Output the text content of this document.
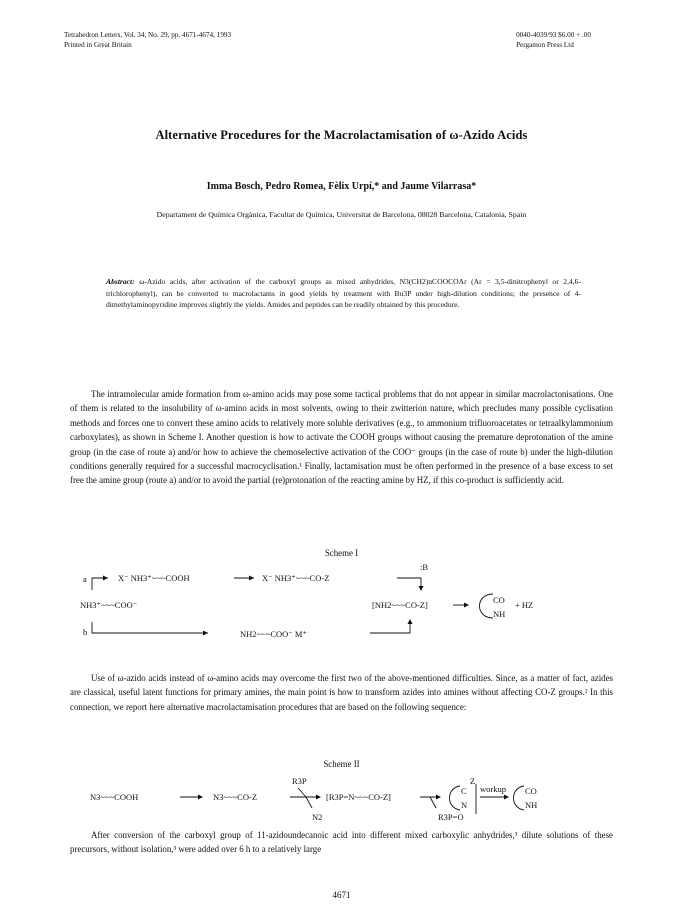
Tetrahedron Letters, Vol. 34, No. 29, pp. 4671-4674, 1993
Printed in Great Britain
0040-4039/93 $6.00 + .00
Pergamon Press Ltd
Alternative Procedures for the Macrolactamisation of ω-Azido Acids
Imma Bosch, Pedro Romea, Fèlix Urpí,* and Jaume Vilarrasa*
Departament de Química Orgànica, Facultat de Química, Universitat de Barcelona, 08028 Barcelona, Catalonia, Spain
Abstract: ω-Azido acids, after activation of the carboxyl groups as mixed anhydrides, N3(CH2)nCOOCOAr (Ar = 3,5-dinitrophenyl or 2,4,6-trichlorophenyl), can be converted to macrolactams in good yields by treatment with Bu3P under high-dilution conditions; the presence of 4-dimethylaminopyridine improves slightly the yields. Amides and peptides can be readily obtained by this procedure.

The intramolecular amide formation from ω-amino acids may pose some tactical problems that do not appear in similar macrolactonisations. One of them is related to the insolubility of ω-amino acids in most solvents, owing to their zwitterion nature, which precludes many possible cyclisation methods and forces one to convert these amino acids to relatively more soluble derivatives (e.g., to ammonium trifluoroacetates or tetraalkylammonium carboxylates), as shown in Scheme I. Another question is how to activate the COOH groups without causing the premature deprotonation of the amine group (in the case of route a) and/or how to achieve the chemoselective activation of the COO⁻ groups (in the case of route b) under the high-dilution conditions generally required for a successful macrocyclisation.¹ Finally, lactamisation must be often performed in the presence of a base excess to set free the amine group (route a) and/or to avoid the partial (re)protonation of the reacting amine by HZ, if this co-product is sufficiently acid.

Scheme I
a	X⁻ NH3⁺~~~COOH	X⁻ NH3⁺~~~CO-Z
:B
NH3⁺~~~COO⁻	[NH2~~~CO-Z]	CO
NH
+ HZ
b	NH2~~~COO⁻ M⁺

Use of ω-azido acids instead of ω-amino acids may overcome the first two of the above-mentioned difficulties. Since, as a matter of fact, azides are classical, useful latent functions for primary amines, the main point is how to transform azides into amines without affecting CO-Z groups.² In this connection, we report here alternative macrolactamisation procedures that are based on the following sequence:

Scheme II
N3~~~COOH	N3~~~CO-Z
R3P
N2
[R3P=N~~~CO-Z]
R3P=O
C
Z
N
workup CO
NH

After conversion of the carboxyl group of 11-azidoundecanoic acid into different mixed carboxylic anhydrides,³ dilute solutions of these precursors, without isolation,³ were added over 6 h to a relatively large

4671
